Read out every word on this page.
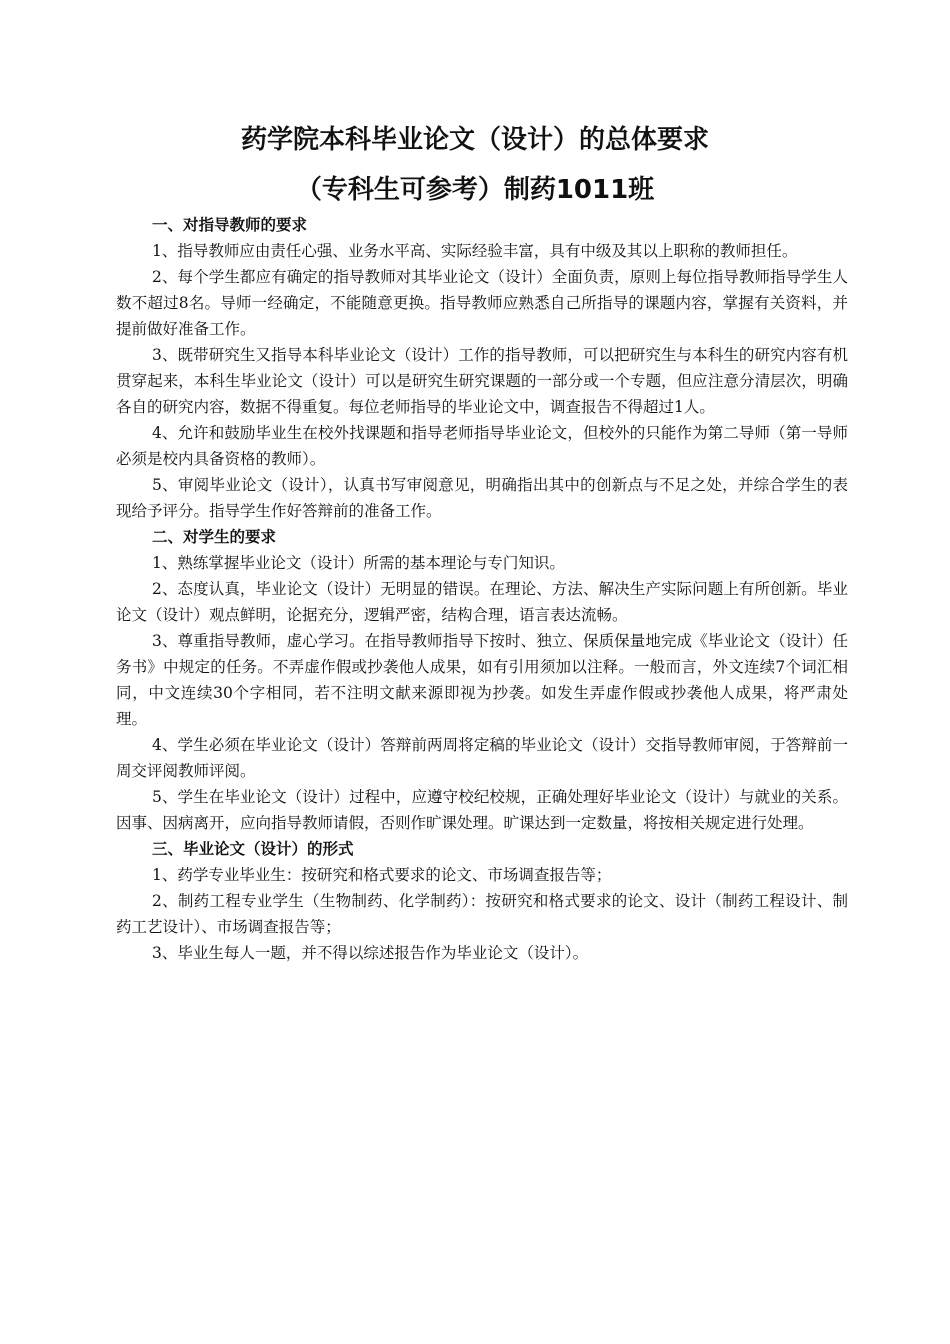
药学院本科毕业论文（设计）的总体要求
（专科生可参考）制药1011班
一、对指导教师的要求

1、指导教师应由责任心强、业务水平高、实际经验丰富，具有中级及其以上职称的教师担任。

2、每个学生都应有确定的指导教师对其毕业论文（设计）全面负责，原则上每位指导教师指导学生人数不超过8名。导师一经确定，不能随意更换。指导教师应熟悉自己所指导的课题内容，掌握有关资料，并提前做好准备工作。

3、既带研究生又指导本科毕业论文（设计）工作的指导教师，可以把研究生与本科生的研究内容有机贯穿起来，本科生毕业论文（设计）可以是研究生研究课题的一部分或一个专题，但应注意分清层次，明确各自的研究内容，数据不得重复。每位老师指导的毕业论文中，调查报告不得超过1人。

4、允许和鼓励毕业生在校外找课题和指导老师指导毕业论文，但校外的只能作为第二导师（第一导师必须是校内具备资格的教师）。

5、审阅毕业论文（设计），认真书写审阅意见，明确指出其中的创新点与不足之处，并综合学生的表现给予评分。指导学生作好答辩前的准备工作。

二、对学生的要求

1、熟练掌握毕业论文（设计）所需的基本理论与专门知识。

2、态度认真，毕业论文（设计）无明显的错误。在理论、方法、解决生产实际问题上有所创新。毕业论文（设计）观点鲜明，论据充分，逻辑严密，结构合理，语言表达流畅。

3、尊重指导教师，虚心学习。在指导教师指导下按时、独立、保质保量地完成《毕业论文（设计）任务书》中规定的任务。不弄虚作假或抄袭他人成果，如有引用须加以注释。一般而言，外文连续7个词汇相同，中文连续30个字相同，若不注明文献来源即视为抄袭。如发生弄虚作假或抄袭他人成果，将严肃处理。

4、学生必须在毕业论文（设计）答辩前两周将定稿的毕业论文（设计）交指导教师审阅，于答辩前一周交评阅教师评阅。

5、学生在毕业论文（设计）过程中，应遵守校纪校规，正确处理好毕业论文（设计）与就业的关系。因事、因病离开，应向指导教师请假，否则作旷课处理。旷课达到一定数量，将按相关规定进行处理。

三、毕业论文（设计）的形式

1、药学专业毕业生：按研究和格式要求的论文、市场调查报告等；

2、制药工程专业学生（生物制药、化学制药）：按研究和格式要求的论文、设计（制药工程设计、制药工艺设计）、市场调查报告等；

3、毕业生每人一题，并不得以综述报告作为毕业论文（设计）。
